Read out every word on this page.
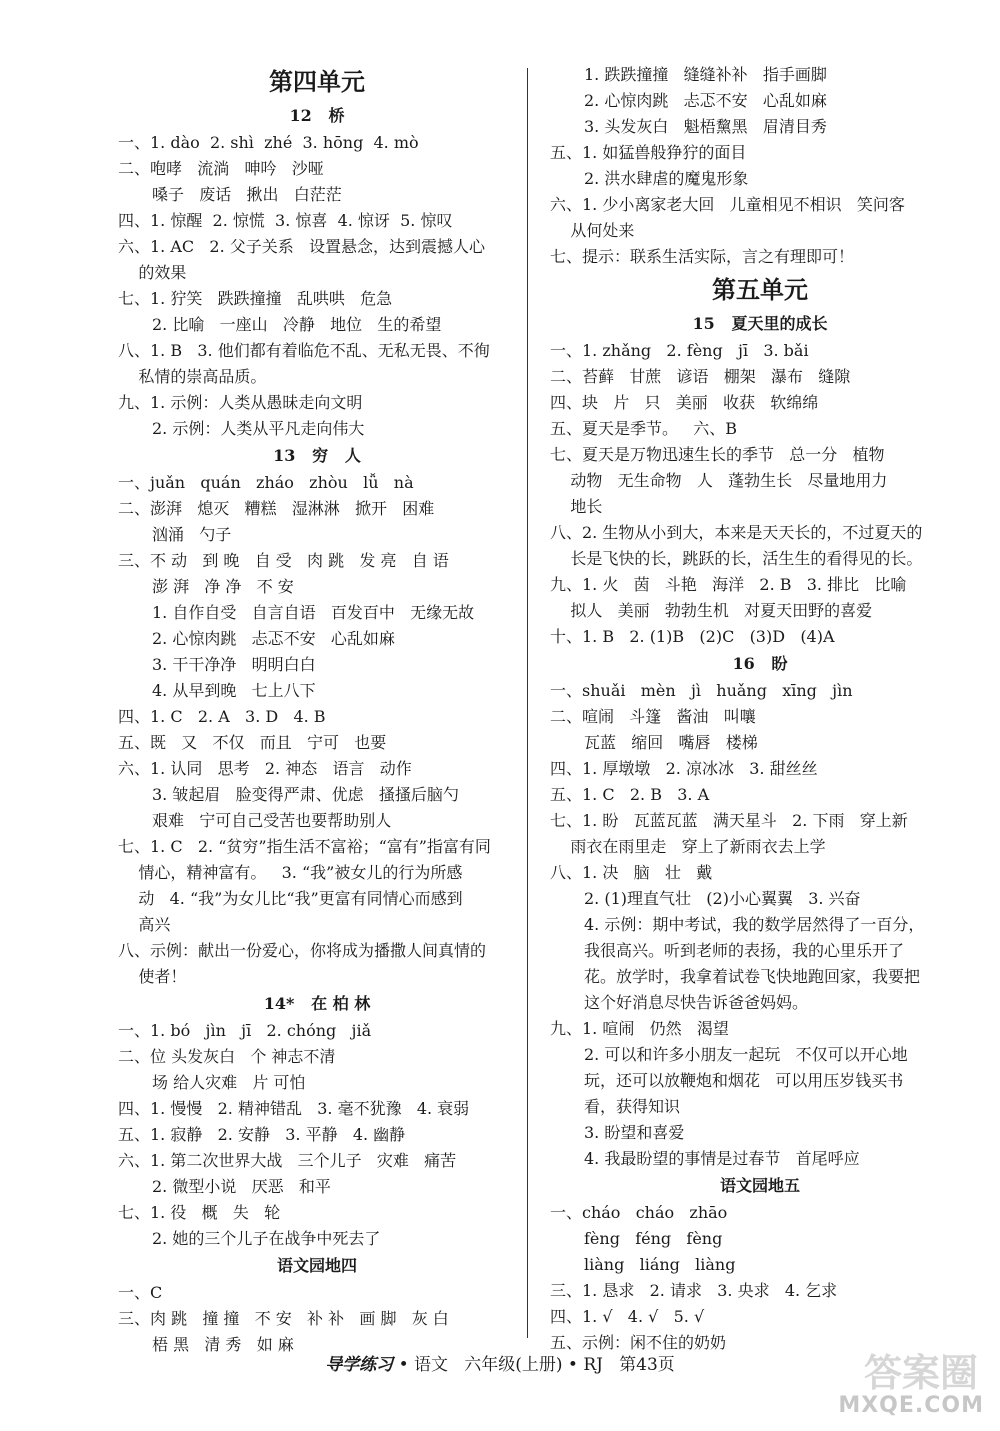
第四单元
12   桥
一、1. dào  2. shì  zhé  3. hōng  4. mò
二、咆哮   流淌   呻吟   沙哑
嗓子   废话   揪出   白茫茫
四、1. 惊醒  2. 惊慌  3. 惊喜  4. 惊讶  5. 惊叹
六、1. AC   2. 父子关系   设置悬念，达到震撼人心
的效果
七、1. 狞笑   跌跌撞撞   乱哄哄   危急
2. 比喻   一座山   冷静   地位   生的希望
八、1. B   3. 他们都有着临危不乱、无私无畏、不徇
私情的崇高品质。
九、1. 示例：人类从愚昧走向文明
2. 示例：人类从平凡走向伟大
13   穷   人
一、juǎn   quán   zháo   zhòu   lǚ   nà
二、澎湃   熄灭   糟糕   湿淋淋   掀开   困难
汹涌   勺子
三、不 动   到 晚   自 受   肉 跳   发 亮   自 语
澎 湃   净 净   不 安
1. 自作自受   自言自语   百发百中   无缘无故
2. 心惊肉跳   忐忑不安   心乱如麻
3. 干干净净   明明白白
4. 从早到晚   七上八下
四、1. C   2. A   3. D   4. B
五、既   又   不仅   而且   宁可   也要
六、1. 认同   思考   2. 神态   语言   动作
3. 皱起眉   脸变得严肃、优虑   搔搔后脑勺
艰难   宁可自己受苦也要帮助别人
七、1. C   2. “贫穷”指生活不富裕；“富有”指富有同
情心，精神富有。   3. “我”被女儿的行为所感
动   4. “我”为女儿比“我”更富有同情心而感到
高兴
八、示例：献出一份爱心，你将成为播撒人间真情的
使者！
14*   在 柏 林
一、1. bó   jìn   jī   2. chóng   jiǎ
二、位 头发灰白   个 神志不清
场 给人灾难   片 可怕
四、1. 慢慢   2. 精神错乱   3. 毫不犹豫   4. 衰弱
五、1. 寂静   2. 安静   3. 平静   4. 幽静
六、1. 第二次世界大战   三个儿子   灾难   痛苦
2. 微型小说   厌恶   和平
七、1. 役   概   失   轮
2. 她的三个儿子在战争中死去了
语文园地四
一、C
三、肉 跳   撞 撞   不 安   补 补   画 脚   灰 白
梧 黑   清 秀   如 麻
1. 跌跌撞撞   缝缝补补   指手画脚
2. 心惊肉跳   忐忑不安   心乱如麻
3. 头发灰白   魁梧黧黑   眉清目秀
五、1. 如猛兽般狰狞的面目
2. 洪水肆虐的魔鬼形象
六、1. 少小离家老大回   儿童相见不相识   笑问客
从何处来
七、提示：联系生活实际，言之有理即可！
第五单元
15   夏天里的成长
一、1. zhǎng   2. fèng   jī   3. bǎi
二、苔藓   甘蔗   谚语   棚架   瀑布   缝隙
四、块   片   只   美丽   收获   软绵绵
五、夏天是季节。   六、B
七、夏天是万物迅速生长的季节   总一分   植物
动物   无生命物   人   蓬勃生长   尽量地用力
地长
八、2. 生物从小到大，本来是天天长的，不过夏天的
长是飞快的长，跳跃的长，活生生的看得见的长。
九、1. 火   茵   斗艳   海洋   2. B   3. 排比   比喻
拟人   美丽   勃勃生机   对夏天田野的喜爱
十、1. B   2. (1)B   (2)C   (3)D   (4)A
16   盼
一、shuǎi   mèn   jì   huǎng   xīng   jìn
二、喧闹   斗篷   酱油   叫嚷
瓦蓝   缩回   嘴唇   楼梯
四、1. 厚墩墩   2. 凉冰冰   3. 甜丝丝
五、1. C   2. B   3. A
七、1. 盼   瓦蓝瓦蓝   满天星斗   2. 下雨   穿上新
雨衣在雨里走   穿上了新雨衣去上学
八、1. 决   脑   壮   戴
2. (1)理直气壮   (2)小心翼翼   3. 兴奋
4. 示例：期中考试，我的数学居然得了一百分，
我很高兴。听到老师的表扬，我的心里乐开了
花。放学时，我拿着试卷飞快地跑回家，我要把
这个好消息尽快告诉爸爸妈妈。
九、1. 喧闹   仍然   渴望
2. 可以和许多小朋友一起玩   不仅可以开心地
玩，还可以放鞭炮和烟花   可以用压岁钱买书
看，获得知识
3. 盼望和喜爱
4. 我最盼望的事情是过春节   首尾呼应
语文园地五
一、cháo   cháo   zhāo
fèng   féng   fèng
liàng   liáng   liàng
三、1. 恳求   2. 请求   3. 央求   4. 乞求
四、1. √   4. √   5. √
五、示例：闲不住的奶奶
导学练习 • 语文   六年级(上册) • RJ   第43页	答案圈
MXQE.COM
